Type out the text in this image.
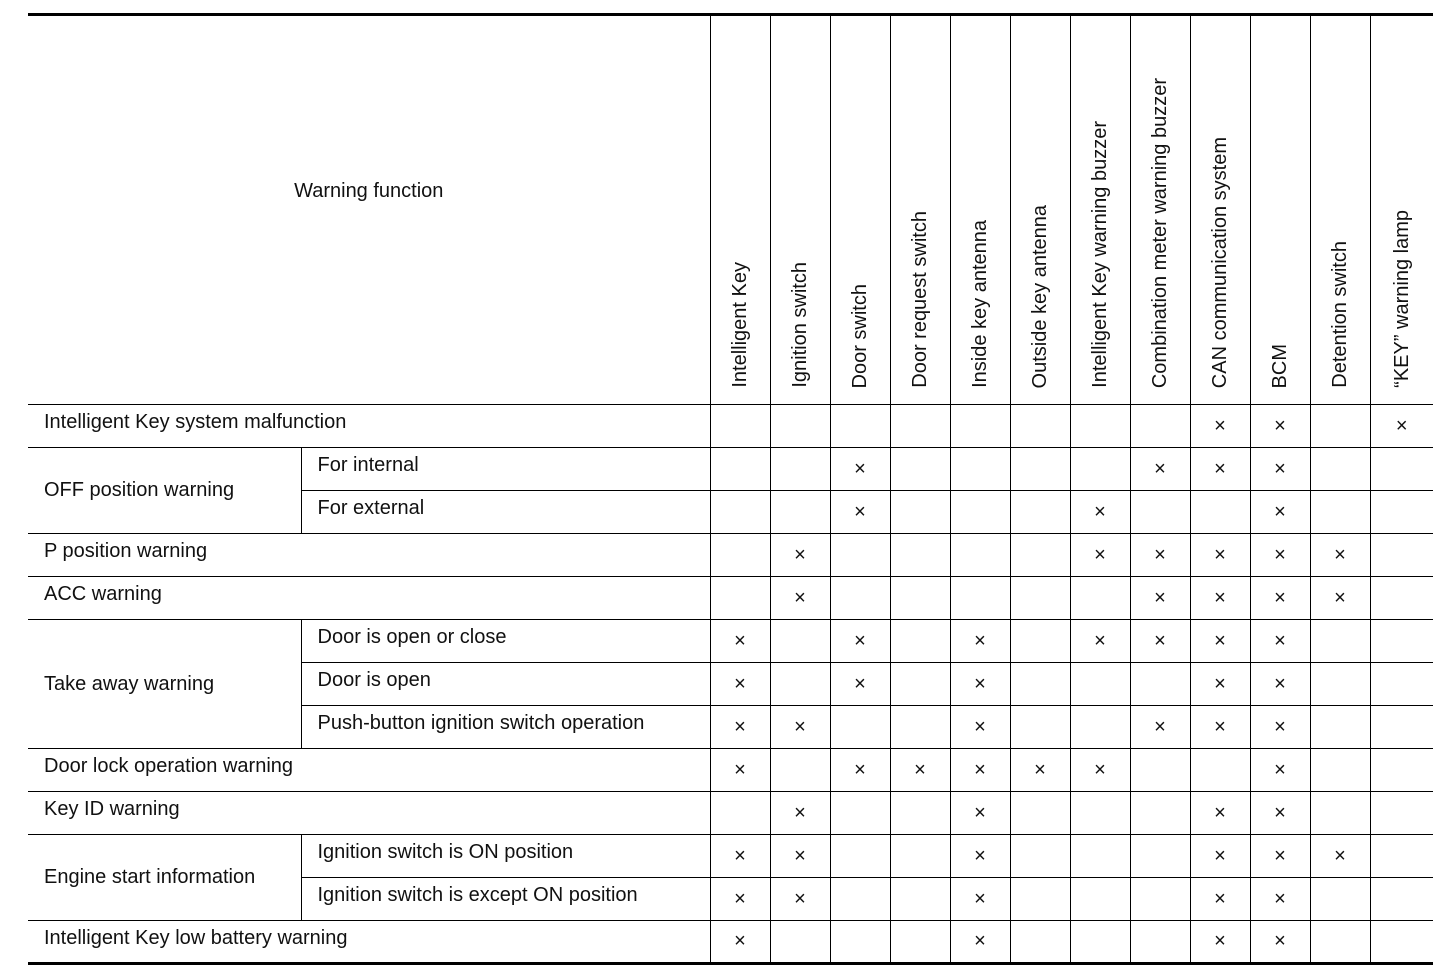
Warning function		Intelligent Key	Ignition switch	Door switch	Door request switch	Inside key antenna	Outside key antenna	Intelligent Key warning buzzer	Combination meter warning buzzer	CAN communication system	BCM	Detention switch	“KEY” warning lamp

Intelligent Key system malfunction										×	×		×
OFF position warning	For internal			×					×	×	×		
	For external			×				×			×		
P position warning			×					×	×	×	×	×	
ACC warning			×						×	×	×	×	
Take away warning	Door is open or close	×		×		×		×	×	×	×		
	Door is open	×		×		×				×	×		
	Push-button ignition switch operation	×	×			×			×	×	×		
Door lock operation warning		×		×	×	×	×	×			×		
Key ID warning			×			×				×	×		
Engine start information	Ignition switch is ON position	×	×			×				×	×	×	
	Ignition switch is except ON position	×	×			×				×	×		
Intelligent Key low battery warning		×				×				×	×		
